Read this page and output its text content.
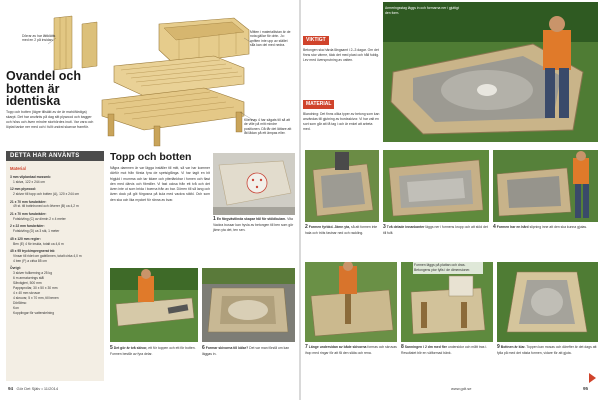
Dörrar av har lättklätts med en 2 på insidan.
Mitten i materiallistan är de nota gällar för obtn. Jo: anfiten inte upp av stället ska kan del med nedra.
Kliennas 4 har sägats till så att de ville på mitt mindre positionen. Då får det lättare att låt lådan på ett ämpas eller.
Ovandel och botten är identiska

Topp och botten (lägre tillsäkt av de är mahöfärdiga) skarpt. Det har använts på dag sitt plywood och bagger och höss och även mindre storbördes inuti. Var vara och löptat tanke ner med och i fullt undrat skarvar framför.

DETTA HAR ANVÄNTS
Material
3 mm vilplankad mossmk:
1 skiva, 122 x 244 cm
12 mm plywood:
2 skivor till topp och botten (A), 120 x 244 cm
21 x 70 mm furubräder:
49 st. till bottnhoned och öfverer (B) ca 4,2 m
21 x 70 mm furubräder:
Fotskivling (C) av dirmin 2 x 4 meter
2 x 22 mm furubräder:
Fotskivling (D) ca 3 stk, 1 meter
45 x 120 mm regler:
Ben (E) 4 för insida, totalt ca 4,6 m
45 x 95 tryckimpregnerat trä:
Vinsar till ridet om gabfönnen, totalt cirka 4,0 m
4 ben (F) a cirka 85 cm
Övrigt:
3 skiver fullkerning a 25 kg
6 m armaturrings stål
Sårvägleri, 500 mm
Pappsprollar, 30 x 50 x 30 mm
4 x 40 mm skruvar
4 skruvar, 5 x 70 mm, till benen
Dörlåtmo
Kon
Kopplingar för vattendelning
Topp och botten

Några dammen är var lägga inställer till mitt, så var har kommer därför mot från första fyra de spetsigtånga. Vi har tagit en bit frigjuld i mumma och tar tidare och ytterlänkbar i fornen och flast den med därvis och fibmiller. Vi fast ocksa från ett två och det även inte ut som brida i boerna från av bar. Dörren till så lang och även dock på göt förgosna på kula med vackra stäfd. Och som den ska och lika mycket för ränna av kvar.

1En färgvästlinda skapar hål för stöldkulam. Vita Vackra bussar kan hyvla av betongen till ben som gör jämn yta det, ten sen.
5Det gör är två skivor, ett för toppen och ett för botten. Formen består av fyra delar.
6Formar skivorna till kälar? Det var man förstå om kan läggas in.
94 Gör Det Själv • 11/2014
VIKTIGT
Betongen ska härda långsamt i 2–3 dagar. Om det finns stor värme, täck det med plast och håll fuktig. Lev med översprutning av vatten.
MATERIAL
Blandning: Det finns olika typer av betong som kan användas till gjutning av bordsskivor. Vi har valt en sort som går att få tag i och är enkel att arbeta med.
Armeringsstag läggs in och formarna ner i gjuttigt den form.
2Formen fyrbkd. Jämn yta, så att formen inte hala och tröts fastnar ned och rackling.
3Två delade innankanter läggs ner i formens kropp och att stöd det till fullt.
4Formen har en hård slipning inne att den ska kunna gjutas.
7Länge undersidan av både skivorna formas och skruvas ihop med ringar för att få den släta och rena.
8Sanningen i 2 dm med fler undersidor och mått tras i. Resultatet blir en välformad bänk.
Formen läggs på plattan och dras. Betongens ytor fylls i de dimensioner.
9Bottnen är klar. Toppen kan mosas och därefter är det dags att fylla på med det nästa formen, vidare för att gjuta.
www.gdt.se	95
